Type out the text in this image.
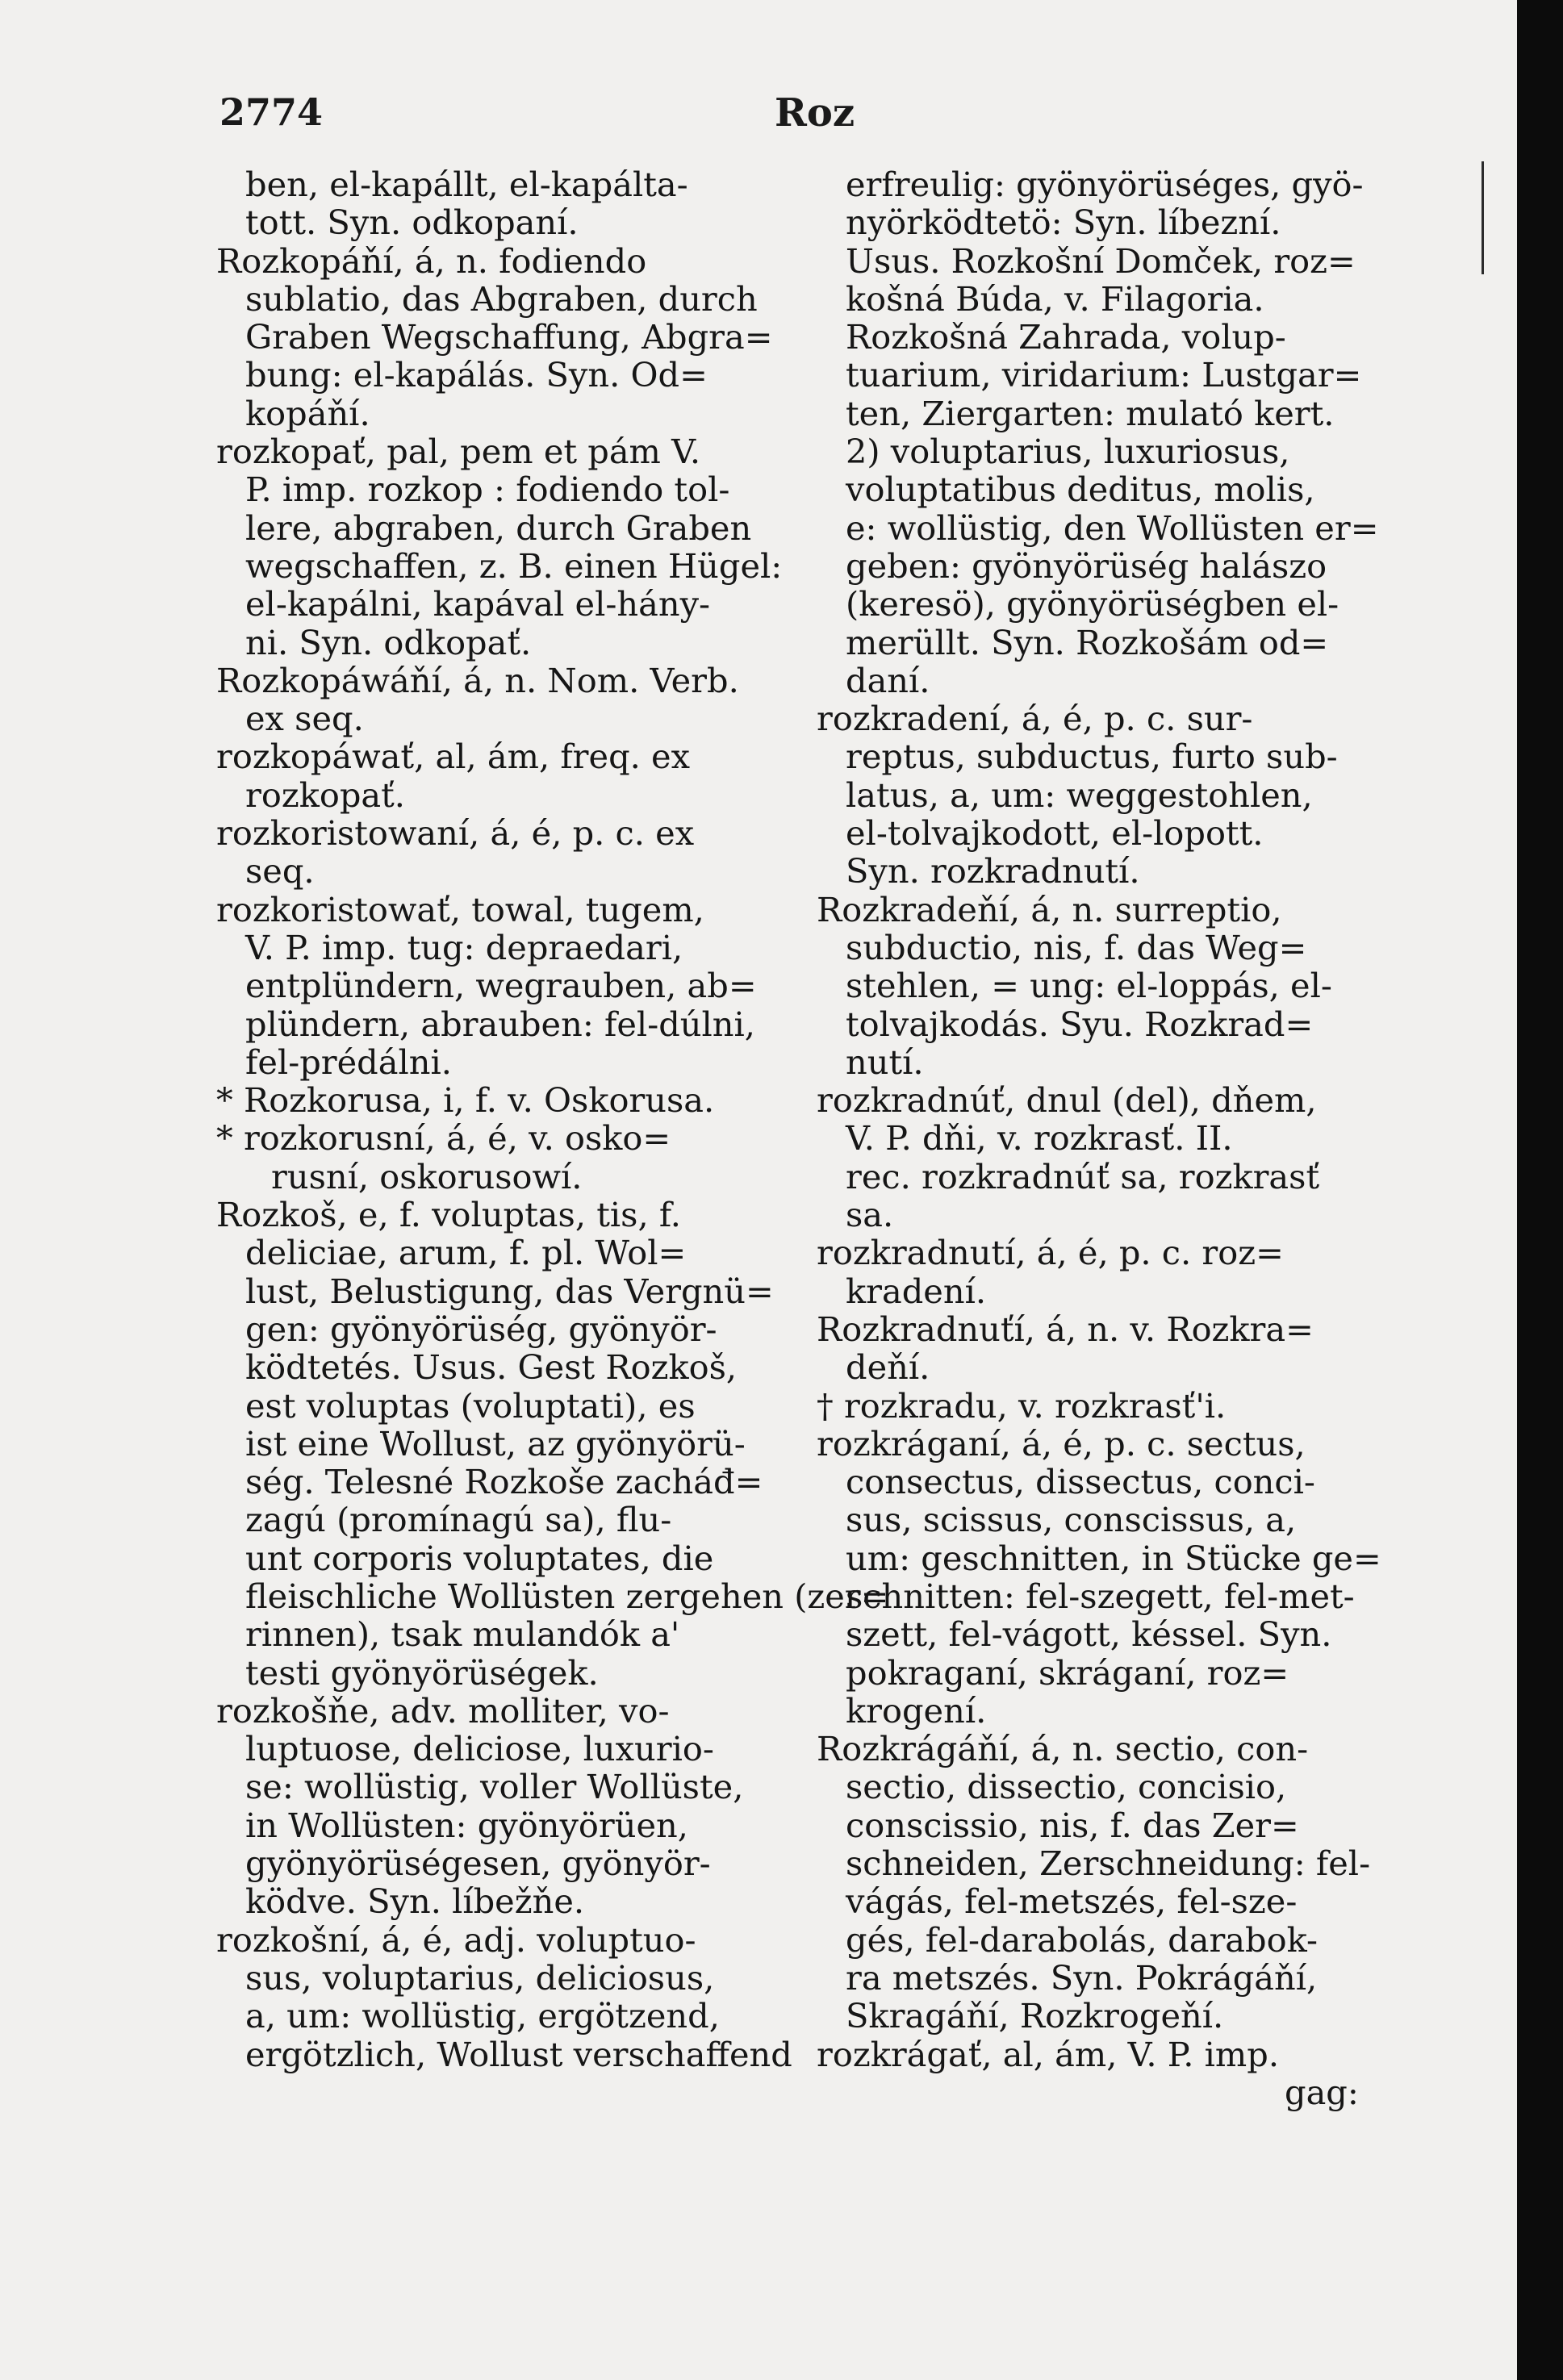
2774	Roz
ben, el-kapállt, el-kapálta-
tott. Syn. odkopaní.
Rozkopáňí, á, n. fodiendo
sublatio, das Abgraben, durch
Graben Wegschaffung, Abgra=
bung: el-kapálás. Syn. Od=
kopáňí.
rozkopať, pal, pem et pám V.
P. imp. rozkop : fodiendo tol-
lere, abgraben, durch Graben
wegschaffen, z. B. einen Hügel:
el-kapálni, kapával el-hány-
ni. Syn. odkopať.
Rozkopáwáňí, á, n. Nom. Verb.
ex seq.
rozkopáwať, al, ám, freq. ex
rozkopať.
rozkoristowaní, á, é, p. c. ex
seq.
rozkoristowať, towal, tugem,
V. P. imp. tug: depraedari,
entplündern, wegrauben, ab=
plündern, abrauben: fel-dúlni,
fel-prédálni.
* Rozkorusa, i, f. v. Oskorusa.
* rozkorusní, á, é, v. osko=
rusní, oskorusowí.
Rozkoš, e, f. voluptas, tis, f.
deliciae, arum, f. pl. Wol=
lust, Belustigung, das Vergnü=
gen: gyönyörüség, gyönyör-
ködtetés. Usus. Gest Rozkoš,
est voluptas (voluptati), es
ist eine Wollust, az gyönyörü-
ség. Telesné Rozkoše zacháđ=
zagú (promínagú sa), flu-
unt corporis voluptates, die
fleischliche Wollüsten zergehen (zer=
rinnen), tsak mulandók a'
testi gyönyörüségek.
rozkošňe, adv. molliter, vo-
luptuose, deliciose, luxurio-
se: wollüstig, voller Wollüste,
in Wollüsten: gyönyörüen,
gyönyörüségesen, gyönyör-
ködve. Syn. líbežňe.
rozkošní, á, é, adj. voluptuo-
sus, voluptarius, deliciosus,
a, um: wollüstig, ergötzend,
ergötzlich, Wollust verschaffend
erfreulig: gyönyörüséges, gyö-
nyörködtetö: Syn. líbezní.
Usus. Rozkošní Domček, roz=
košná Búda, v. Filagoria.
Rozkošná Zahrada, volup-
tuarium, viridarium: Lustgar=
ten, Ziergarten: mulató kert.
2) voluptarius, luxuriosus,
voluptatibus deditus, molis,
e: wollüstig, den Wollüsten er=
geben: gyönyörüség halászo
(keresö), gyönyörüségben el-
merüllt. Syn. Rozkošám od=
daní.
rozkradení, á, é, p. c. sur-
reptus, subductus, furto sub-
latus, a, um: weggestohlen,
el-tolvajkodott, el-lopott.
Syn. rozkradnutí.
Rozkradeňí, á, n. surreptio,
subductio, nis, f. das Weg=
stehlen, = ung: el-loppás, el-
tolvajkodás. Syu. Rozkrad=
nutí.
rozkradnúť, dnul (del), dňem,
V. P. dňi, v. rozkrasť. II.
rec. rozkradnúť sa, rozkrasť
sa.
rozkradnutí, á, é, p. c. roz=
kradení.
Rozkradnuťí, á, n. v. Rozkra=
deňí.
† rozkradu, v. rozkrasť'i.
rozkráganí, á, é, p. c. sectus,
consectus, dissectus, conci-
sus, scissus, conscissus, a,
um: geschnitten, in Stücke ge=
schnitten: fel-szegett, fel-met-
szett, fel-vágott, késsel. Syn.
pokraganí, skráganí, roz=
krogení.
Rozkrágáňí, á, n. sectio, con-
sectio, dissectio, concisio,
conscissio, nis, f. das Zer=
schneiden, Zerschneidung: fel-
vágás, fel-metszés, fel-sze-
gés, fel-darabolás, darabok-
ra metszés. Syn. Pokrágáňí,
Skragáňí, Rozkrogeňí.
rozkrágať, al, ám, V. P. imp.
gag:
